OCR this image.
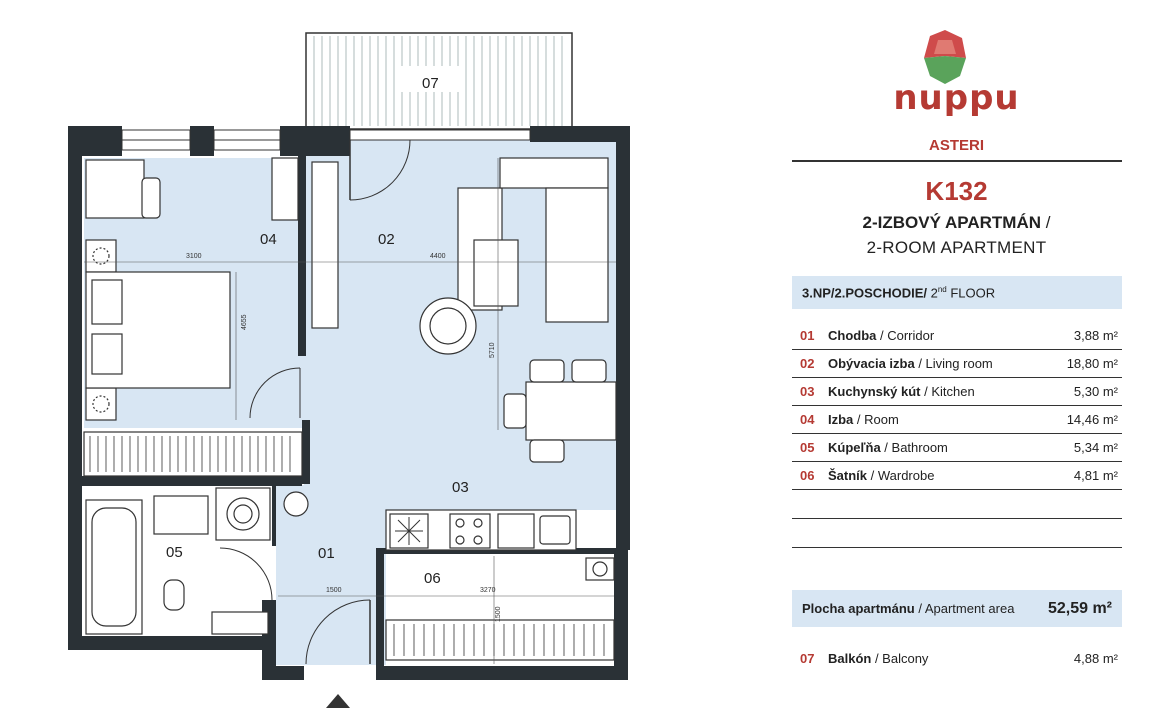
3100	4400
4655
5710
1500	3270
1500
07
04	02
03
05	01
06
nuppu
ASTERI
K132
2-IZBOVÝ APARTMÁN /
2-ROOM APARTMENT
3.NP/2.POSCHODIE/ 2nd FLOOR
01	Chodba / Corridor	3,88 m²
02	Obývacia izba / Living room	18,80 m²
03	Kuchynský kút / Kitchen	5,30 m²
04	Izba / Room	14,46 m²
05	Kúpeľňa / Bathroom	5,34 m²
06	Šatník / Wardrobe	4,81 m²
Plocha apartmánu / Apartment area	52,59 m²
07	Balkón / Balcony	4,88 m²
